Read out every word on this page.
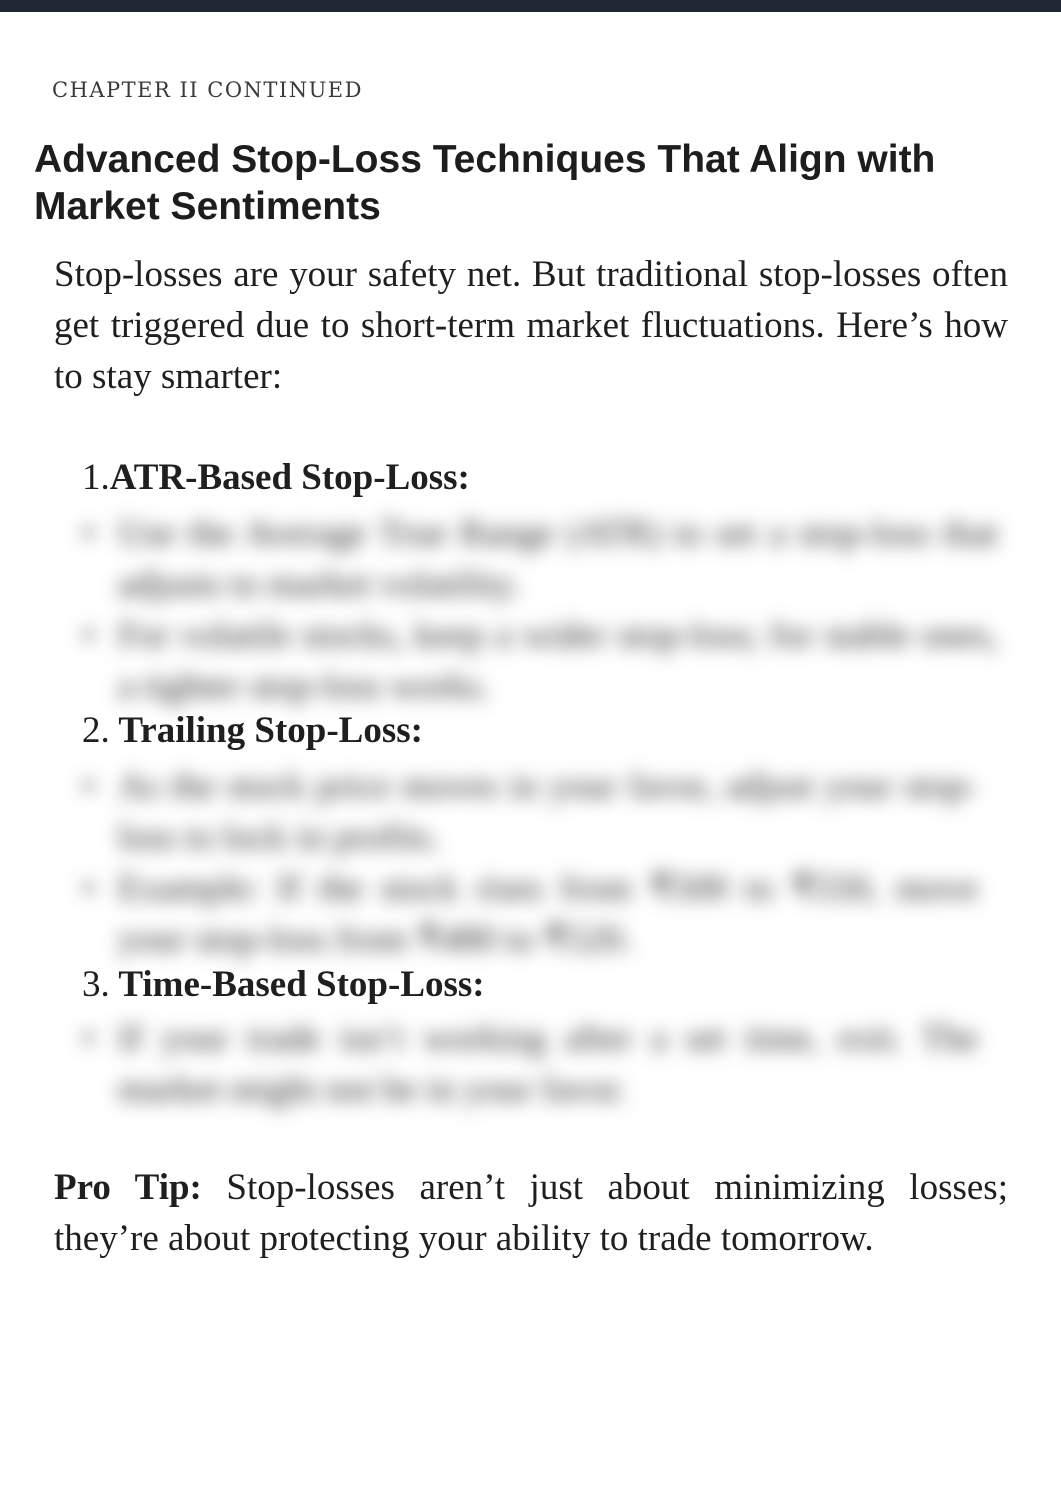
CHAPTER II CONTINUED
Advanced Stop-Loss Techniques That Align with Market Sentiments

Stop-losses are your safety net. But traditional stop-losses often get triggered due to short-term market fluctuations. Here’s how to stay smarter:

1.ATR-Based Stop-Loss:
• Use the Average True Range (ATR) to set a stop-loss that adjusts to market volatility.
• For volatile stocks, keep a wider stop-loss; for stable ones, a tighter stop-loss works.
2. Trailing Stop-Loss:
• As the stock price moves in your favor, adjust your stop-loss to lock in profits.
• Example: If the stock rises from ₹500 to ₹550, move your stop-loss from ₹480 to ₹520.
3. Time-Based Stop-Loss:
• If your trade isn’t working after a set time, exit. The market might not be in your favor.

Pro Tip: Stop-losses aren’t just about minimizing losses; they’re about protecting your ability to trade tomorrow.
